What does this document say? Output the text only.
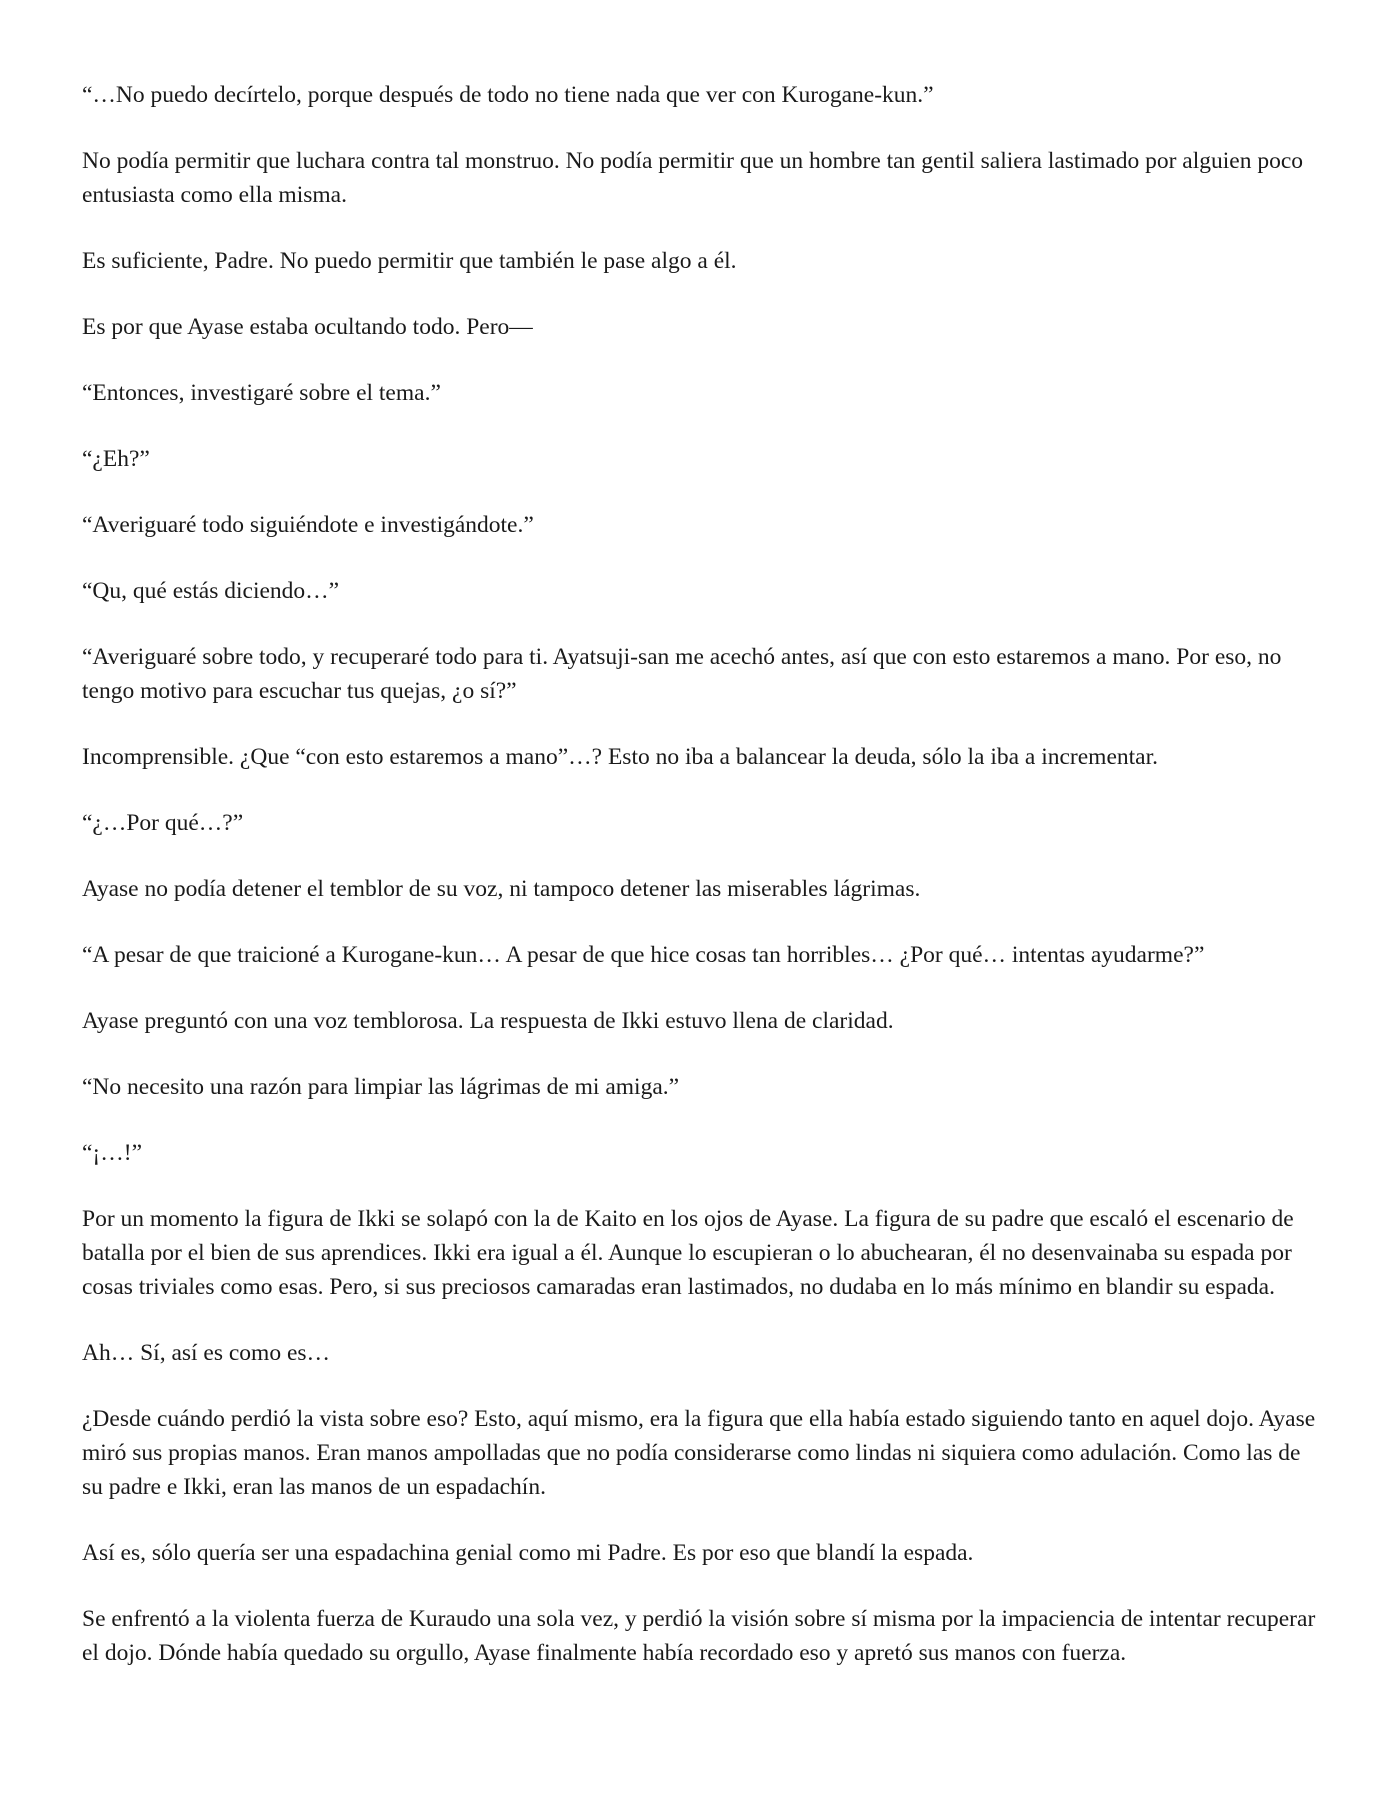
“…No puedo decírtelo, porque después de todo no tiene nada que ver con Kurogane-kun.”

No podía permitir que luchara contra tal monstruo. No podía permitir que un hombre tan gentil saliera lastimado por alguien poco entusiasta como ella misma.

Es suficiente, Padre. No puedo permitir que también le pase algo a él.

Es por que Ayase estaba ocultando todo. Pero—

“Entonces, investigaré sobre el tema.”

“¿Eh?”

“Averiguaré todo siguiéndote e investigándote.”

“Qu, qué estás diciendo…”

“Averiguaré sobre todo, y recuperaré todo para ti. Ayatsuji-san me acechó antes, así que con esto estaremos a mano. Por eso, no tengo motivo para escuchar tus quejas, ¿o sí?”

Incomprensible. ¿Que “con esto estaremos a mano”…? Esto no iba a balancear la deuda, sólo la iba a incrementar.

“¿…Por qué…?”

Ayase no podía detener el temblor de su voz, ni tampoco detener las miserables lágrimas.

“A pesar de que traicioné a Kurogane-kun… A pesar de que hice cosas tan horribles… ¿Por qué… intentas ayudarme?”

Ayase preguntó con una voz temblorosa. La respuesta de Ikki estuvo llena de claridad.

“No necesito una razón para limpiar las lágrimas de mi amiga.”

“¡…!”

Por un momento la figura de Ikki se solapó con la de Kaito en los ojos de Ayase. La figura de su padre que escaló el escenario de batalla por el bien de sus aprendices. Ikki era igual a él. Aunque lo escupieran o lo abuchearan, él no desenvainaba su espada por cosas triviales como esas. Pero, si sus preciosos camaradas eran lastimados, no dudaba en lo más mínimo en blandir su espada.

Ah… Sí, así es como es…

¿Desde cuándo perdió la vista sobre eso? Esto, aquí mismo, era la figura que ella había estado siguiendo tanto en aquel dojo. Ayase miró sus propias manos. Eran manos ampolladas que no podía considerarse como lindas ni siquiera como adulación. Como las de su padre e Ikki, eran las manos de un espadachín.

Así es, sólo quería ser una espadachina genial como mi Padre. Es por eso que blandí la espada.

Se enfrentó a la violenta fuerza de Kuraudo una sola vez, y perdió la visión sobre sí misma por la impaciencia de intentar recuperar el dojo. Dónde había quedado su orgullo, Ayase finalmente había recordado eso y apretó sus manos con fuerza.
